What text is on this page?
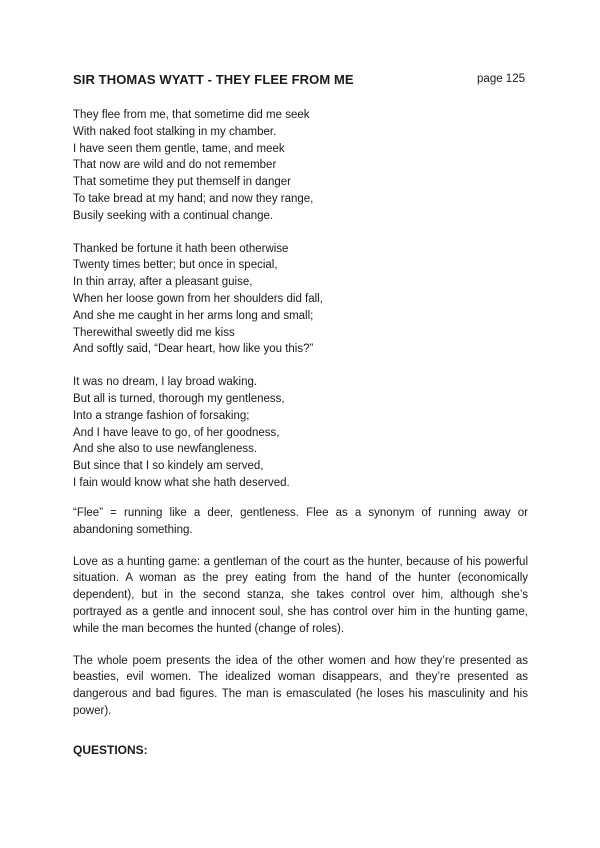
SIR THOMAS WYATT - THEY FLEE FROM ME	page 125
They flee from me, that sometime did me seek
With naked foot stalking in my chamber.
I have seen them gentle, tame, and meek
That now are wild and do not remember
That sometime they put themself in danger
To take bread at my hand; and now they range,
Busily seeking with a continual change.
Thanked be fortune it hath been otherwise
Twenty times better; but once in special,
In thin array, after a pleasant guise,
When her loose gown from her shoulders did fall,
And she me caught in her arms long and small;
Therewithal sweetly did me kiss
And softly said, “Dear heart, how like you this?”
It was no dream, I lay broad waking.
But all is turned, thorough my gentleness,
Into a strange fashion of forsaking;
And I have leave to go, of her goodness,
And she also to use newfangleness.
But since that I so kindely am served,
I fain would know what she hath deserved.

“Flee” = running like a deer, gentleness. Flee as a synonym of running away or abandoning something.

Love as a hunting game: a gentleman of the court as the hunter, because of his powerful situation. A woman as the prey eating from the hand of the hunter (economically dependent), but in the second stanza, she takes control over him, although she’s portrayed as a gentle and innocent soul, she has control over him in the hunting game, while the man becomes the hunted (change of roles).

The whole poem presents the idea of the other women and how they’re presented as beasties, evil women. The idealized woman disappears, and they’re presented as dangerous and bad figures. The man is emasculated (he loses his masculinity and his power).

QUESTIONS:
